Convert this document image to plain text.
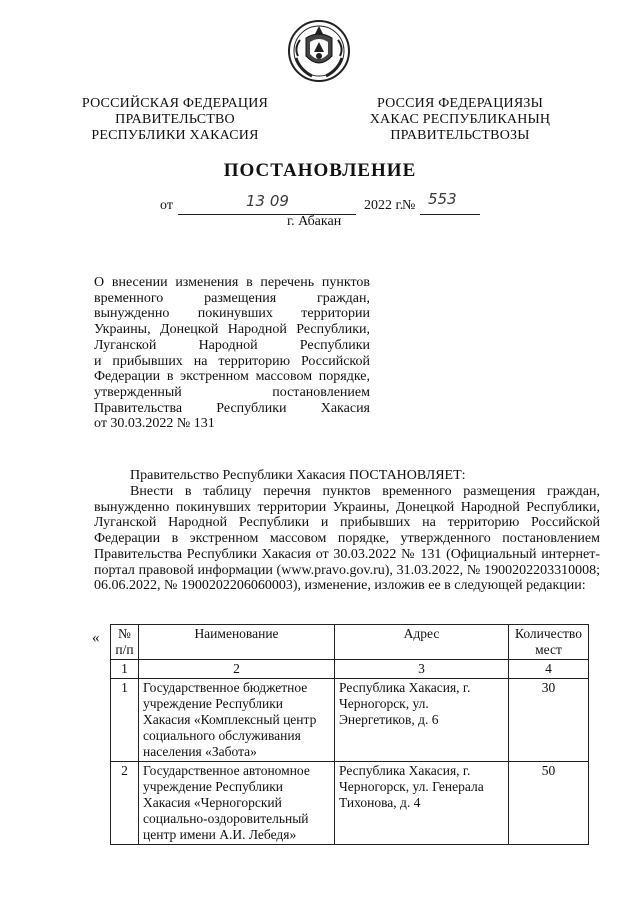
РОССИЙСКАЯ ФЕДЕРАЦИЯ
ПРАВИТЕЛЬСТВО
РЕСПУБЛИКИ ХАКАСИЯ
РОССИЯ ФЕДЕРАЦИЯЗЫ
ХАКАС РЕСПУБЛИКАНЫҢ
ПРАВИТЕЛЬСТВОЗЫ
ПОСТАНОВЛЕНИЕ
от	13 09	2022 г.
№ 553
г. Абакан
О внесении изменения в перечень пунктов
временного размещения граждан,
вынужденно покинувших территории
Украины, Донецкой Народной Республики,
Луганской Народной Республики
и прибывших на территорию Российской
Федерации в экстренном массовом порядке,
утвержденный постановлением
Правительства Республики Хакасия
от 30.03.2022 № 131
Правительство Республики Хакасия ПОСТАНОВЛЯЕТ:
Внести в таблицу перечня пунктов временного размещения граждан, вынужденно покинувших территории Украины, Донецкой Народной Республики, Луганской Народной Республики и прибывших на территорию Российской Федерации в экстренном массовом порядке, утвержденного постановлением Правительства Республики Хакасия от 30.03.2022 № 131 (Официальный интернет-портал правовой информации (www.pravo.gov.ru), 31.03.2022, № 1900202203310008; 06.06.2022, № 1900202206060003), изменение, изложив ее в следующей редакции:
« № п/п	Наименование	Адрес	Количество мест
1	2	3	4
1	Государственное бюджетное учреждение Республики Хакасия «Комплексный центр социального обслуживания населения «Забота»	Республика Хакасия, г. Черногорск, ул. Энергетиков, д. 6	30
2	Государственное автономное учреждение Республики Хакасия «Черногорский социально-оздоровительный центр имени А.И. Лебедя»	Республика Хакасия, г. Черногорск, ул. Генерала Тихонова, д. 4	50
